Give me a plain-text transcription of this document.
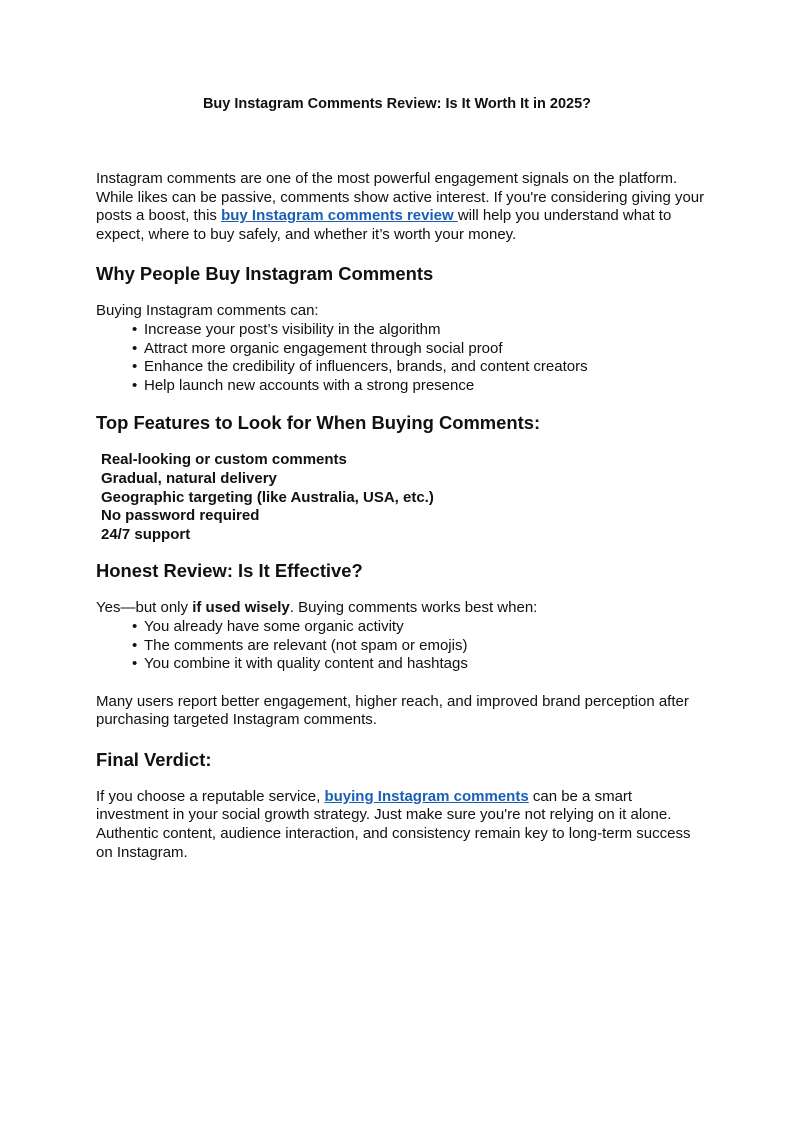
Buy Instagram Comments Review: Is It Worth It in 2025?

Instagram comments are one of the most powerful engagement signals on the platform. While likes can be passive, comments show active interest. If you're considering giving your posts a boost, this buy Instagram comments review will help you understand what to expect, where to buy safely, and whether it’s worth your money.

Why People Buy Instagram Comments

Buying Instagram comments can:

• Increase your post’s visibility in the algorithm
• Attract more organic engagement through social proof
• Enhance the credibility of influencers, brands, and content creators
• Help launch new accounts with a strong presence
Top Features to Look for When Buying Comments:
Real-looking or custom comments
Gradual, natural delivery
Geographic targeting (like Australia, USA, etc.)
No password required
24/7 support
Honest Review: Is It Effective?

Yes—but only if used wisely. Buying comments works best when:

• You already have some organic activity
• The comments are relevant (not spam or emojis)
• You combine it with quality content and hashtags

Many users report better engagement, higher reach, and improved brand perception after purchasing targeted Instagram comments.

Final Verdict:

If you choose a reputable service, buying Instagram comments can be a smart investment in your social growth strategy. Just make sure you're not relying on it alone. Authentic content, audience interaction, and consistency remain key to long-term success on Instagram.
